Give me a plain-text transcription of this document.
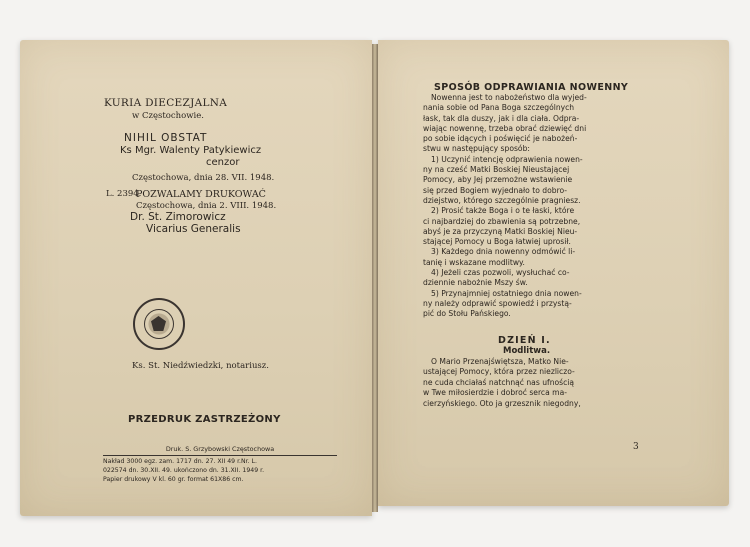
KURIA DIECEZJALNA
w Częstochowie.
NIHIL OBSTAT
Ks Mgr. Walenty Patykiewicz
cenzor
Częstochowa, dnia 28. VII. 1948.
L. 2394.
POZWALAMY DRUKOWAĆ
Częstochowa, dnia 2. VIII. 1948.
Dr. St. Zimorowicz
Vicarius Generalis
Ks. St. Niedźwiedzki, notariusz.
PRZEDRUK ZASTRZEŻONY
Druk. S. Grzybowski Częstochowa
Nakład 3000 egz. zam. 1717 dn. 27. XII 49 r.Nr. L.
022574 dn. 30.XII. 49. ukończono dn. 31.XII. 1949 r.
Papier drukowy V kl. 60 gr. format 61X86 cm.
SPOSÓB ODPRAWIANIA NOWENNY

Nowenna jest to nabożeństwo dla wyjed-

nania sobie od Pana Boga szczególnych

łask, tak dla duszy, jak i dla ciała. Odpra-

wiając nowennę, trzeba obrać dziewięć dni

po sobie idących i poświęcić je nabożeń-

stwu w następujący sposób:

1) Uczynić intencję odprawienia nowen-

ny na cześć Matki Boskiej Nieustającej

Pomocy, aby Jej przemożne wstawienie

się przed Bogiem wyjednało to dobro-

dziejstwo, którego szczególnie pragniesz.

2) Prosić także Boga i o te łaski, które

ci najbardziej do zbawienia są potrzebne,

abyś je za przyczyną Matki Boskiej Nieu-

stającej Pomocy u Boga łatwiej uprosił.

3) Każdego dnia nowenny odmówić li-

tanię i wskazane modlitwy.

4) Jeżeli czas pozwoli, wysłuchać co-

dziennie nabożnie Mszy św.

5) Przynajmniej ostatniego dnia nowen-

ny należy odprawić spowiedź i przystą-

pić do Stołu Pańskiego.

DZIEŃ I.
Modlitwa.

O Mario Przenajświętsza, Matko Nie-

ustającej Pomocy, która przez niezliczo-

ne cuda chciałaś natchnąć nas ufnością

w Twe miłosierdzie i dobroć serca ma-

cierzyńskiego. Oto ja grzesznik niegodny,

3
